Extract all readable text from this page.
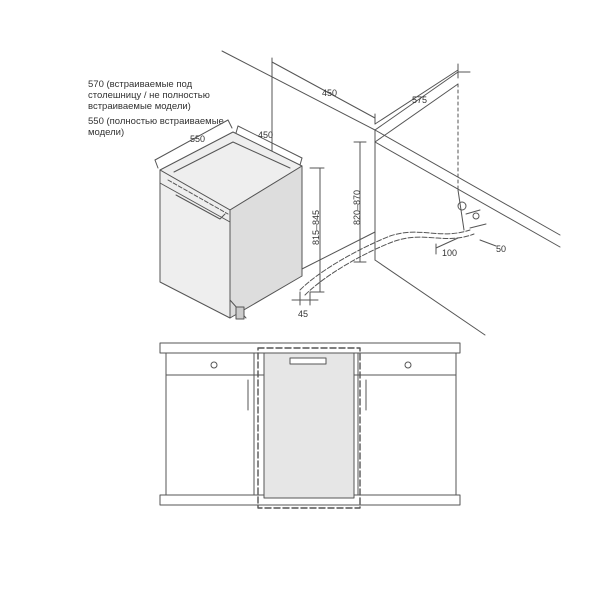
570 (встраиваемые под
столешницу / не полностью
встраиваемые модели)
550 (полностью встраиваемые
модели)
550	450
815–845
45
450
575
820–870
100	50
